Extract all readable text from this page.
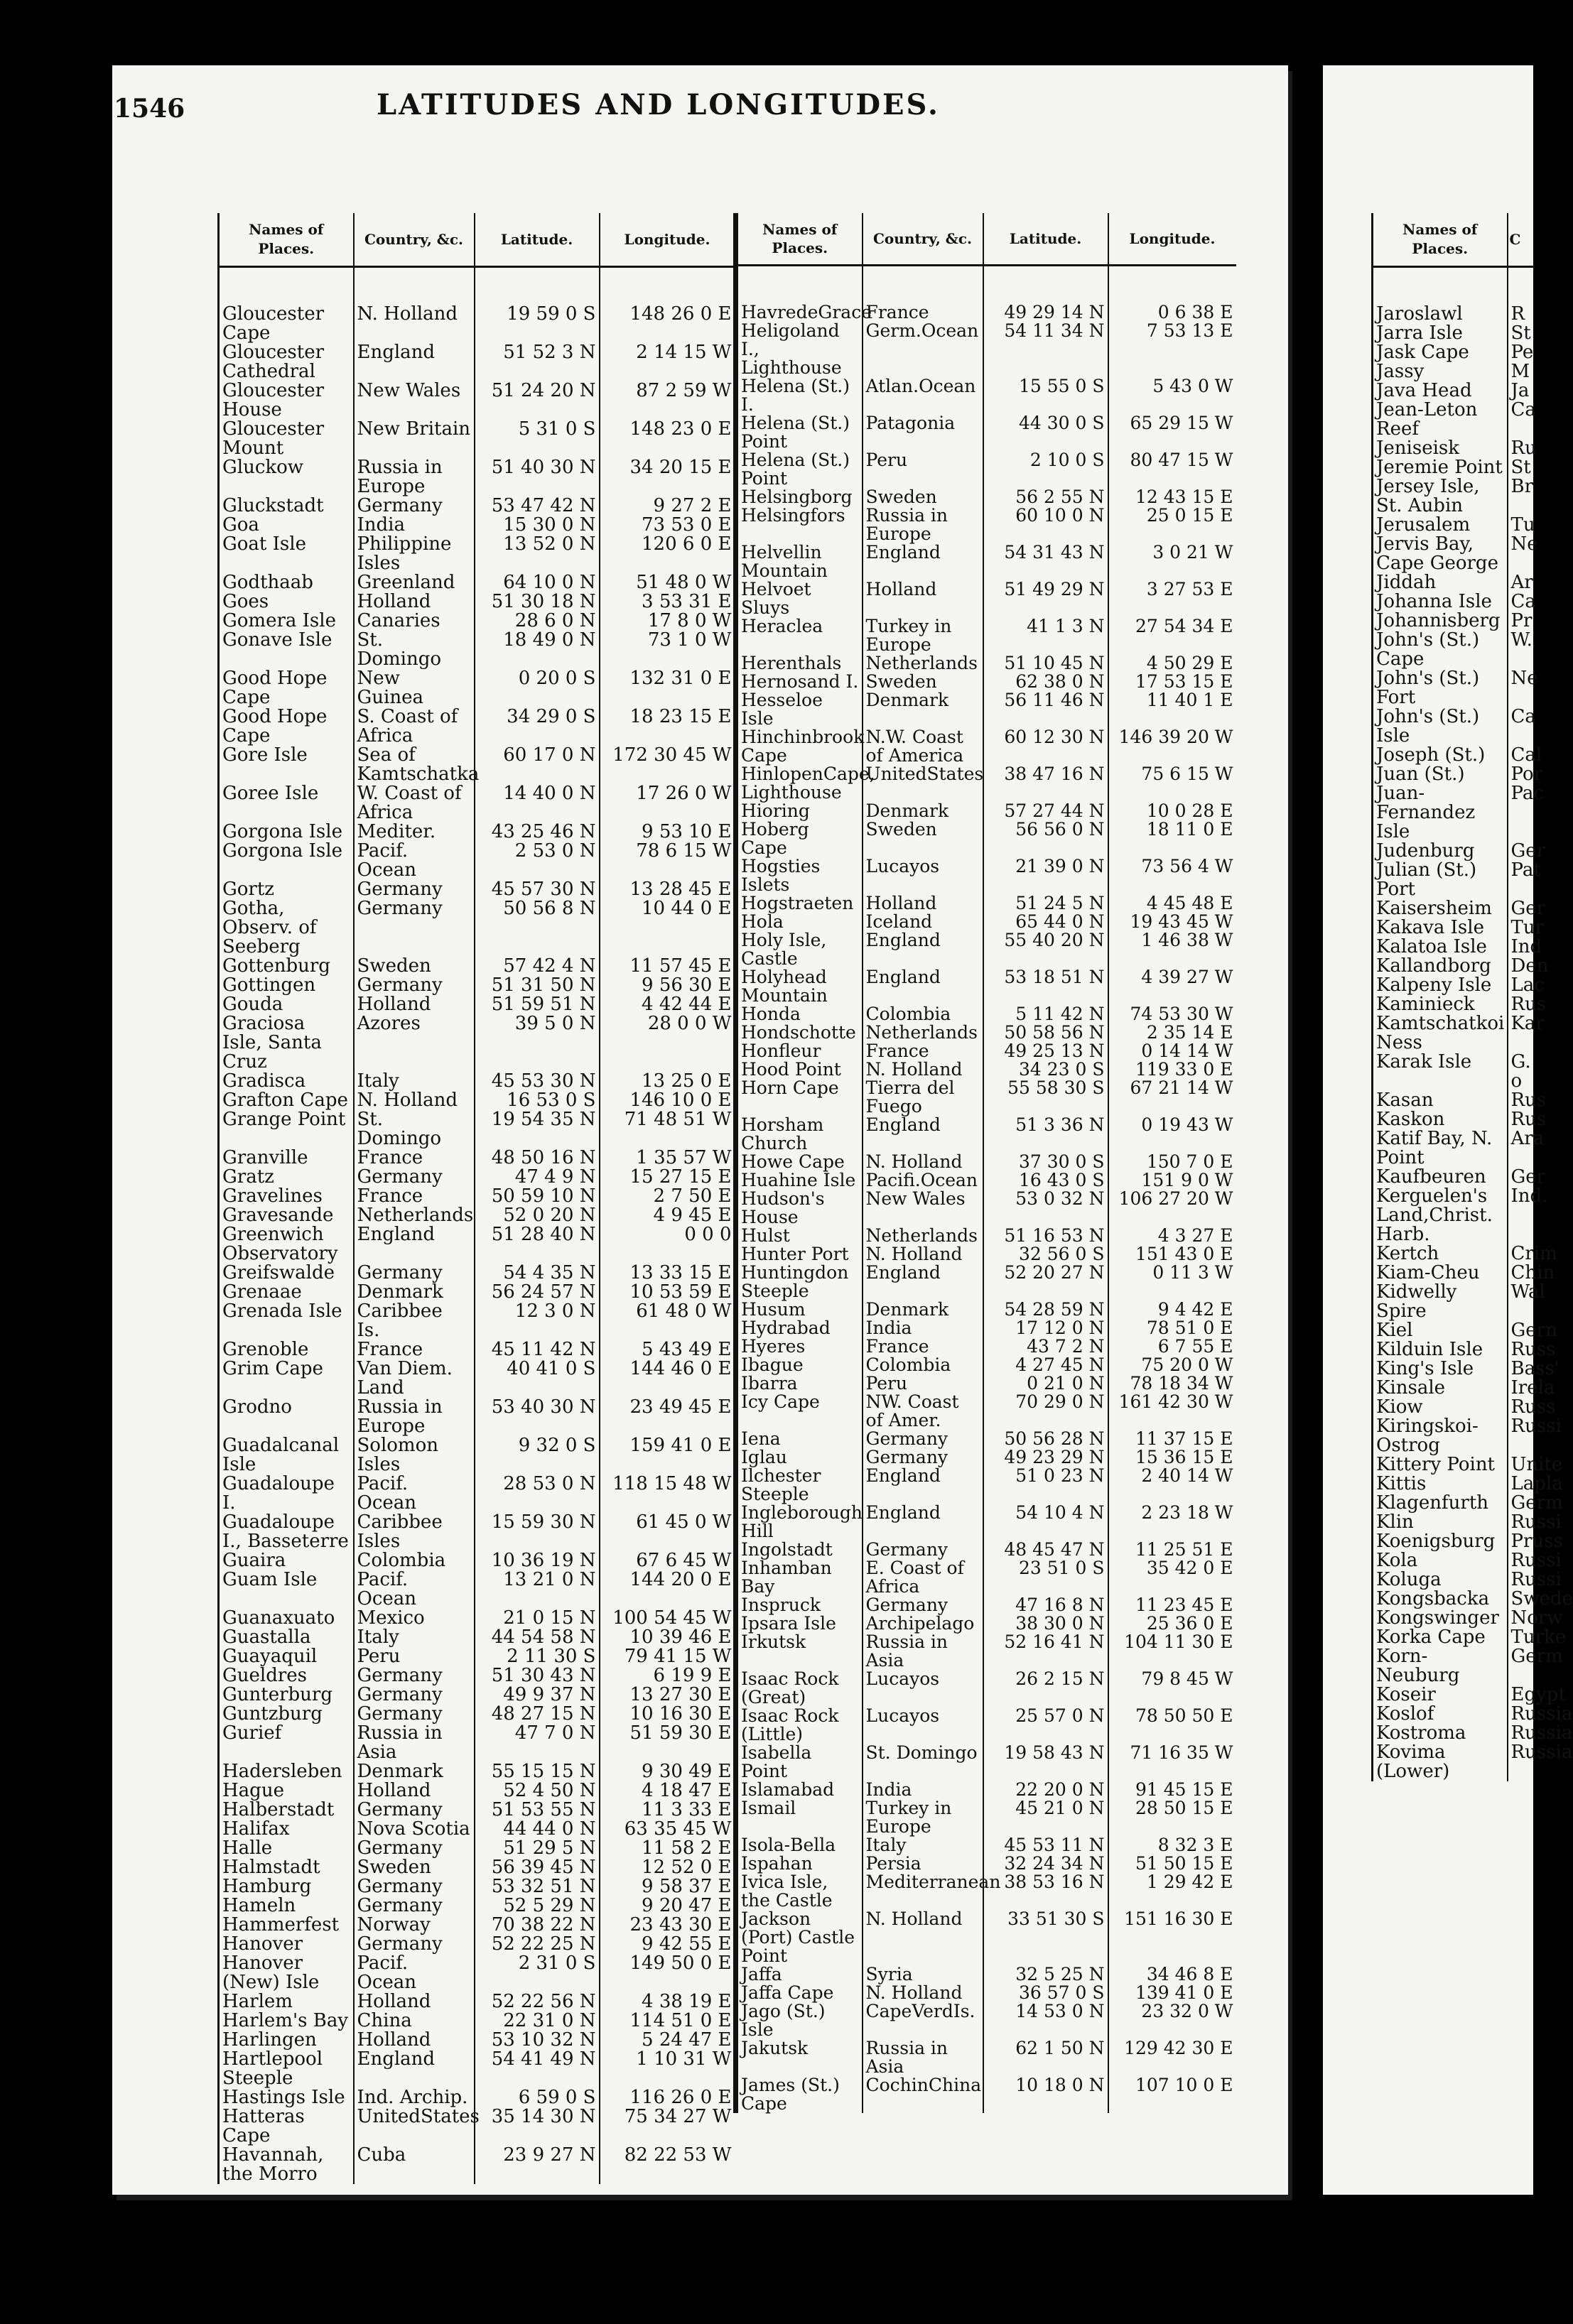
1546	LATITUDES AND LONGITUDES.
Names of Places.	Country, &c.	Latitude.	Longitude.
Gloucester Cape	N. Holland	19 59 0 S	148 26 0 E
Gloucester Cathedral	England	51 52 3 N	2 14 15 W
Gloucester House	New Wales	51 24 20 N	87 2 59 W
Gloucester Mount	New Britain	5 31 0 S	148 23 0 E
Gluckow	Russia in Europe	51 40 30 N	34 20 15 E
Gluckstadt	Germany	53 47 42 N	9 27 2 E
Goa	India	15 30 0 N	73 53 0 E
Goat Isle	Philippine Isles	13 52 0 N	120 6 0 E
Godthaab	Greenland	64 10 0 N	51 48 0 W
Goes	Holland	51 30 18 N	3 53 31 E
Gomera Isle	Canaries	28 6 0 N	17 8 0 W
Gonave Isle	St. Domingo	18 49 0 N	73 1 0 W
Good Hope Cape	New Guinea	0 20 0 S	132 31 0 E
Good Hope Cape	S. Coast of Africa	34 29 0 S	18 23 15 E
Gore Isle	Sea of Kamtschatka	60 17 0 N	172 30 45 W
Goree Isle	W. Coast of Africa	14 40 0 N	17 26 0 W
Gorgona Isle	Mediter.	43 25 46 N	9 53 10 E
Gorgona Isle	Pacif. Ocean	2 53 0 N	78 6 15 W
Gortz	Germany	45 57 30 N	13 28 45 E
Gotha, Observ. of Seeberg	Germany	50 56 8 N	10 44 0 E
Gottenburg	Sweden	57 42 4 N	11 57 45 E
Gottingen	Germany	51 31 50 N	9 56 30 E
Gouda	Holland	51 59 51 N	4 42 44 E
Graciosa Isle, Santa Cruz	Azores	39 5 0 N	28 0 0 W
Gradisca	Italy	45 53 30 N	13 25 0 E
Grafton Cape	N. Holland	16 53 0 S	146 10 0 E
Grange Point	St. Domingo	19 54 35 N	71 48 51 W
Granville	France	48 50 16 N	1 35 57 W
Gratz	Germany	47 4 9 N	15 27 15 E
Gravelines	France	50 59 10 N	2 7 50 E
Gravesande	Netherlands	52 0 20 N	4 9 45 E
Greenwich Observatory	England	51 28 40 N	0 0 0
Greifswalde	Germany	54 4 35 N	13 33 15 E
Grenaae	Denmark	56 24 57 N	10 53 59 E
Grenada Isle	Caribbee Is.	12 3 0 N	61 48 0 W
Grenoble	France	45 11 42 N	5 43 49 E
Grim Cape	Van Diem. Land	40 41 0 S	144 46 0 E
Grodno	Russia in Europe	53 40 30 N	23 49 45 E
Guadalcanal Isle	Solomon Isles	9 32 0 S	159 41 0 E
Guadaloupe I.	Pacif. Ocean	28 53 0 N	118 15 48 W
Guadaloupe I., Basseterre	Caribbee Isles	15 59 30 N	61 45 0 W
Guaira	Colombia	10 36 19 N	67 6 45 W
Guam Isle	Pacif. Ocean	13 21 0 N	144 20 0 E
Guanaxuato	Mexico	21 0 15 N	100 54 45 W
Guastalla	Italy	44 54 58 N	10 39 46 E
Guayaquil	Peru	2 11 30 S	79 41 15 W
Gueldres	Germany	51 30 43 N	6 19 9 E
Gunterburg	Germany	49 9 37 N	13 27 30 E
Guntzburg	Germany	48 27 15 N	10 16 30 E
Gurief	Russia in Asia	47 7 0 N	51 59 30 E
Hadersleben	Denmark	55 15 15 N	9 30 49 E
Hague	Holland	52 4 50 N	4 18 47 E
Halberstadt	Germany	51 53 55 N	11 3 33 E
Halifax	Nova Scotia	44 44 0 N	63 35 45 W
Halle	Germany	51 29 5 N	11 58 2 E
Halmstadt	Sweden	56 39 45 N	12 52 0 E
Hamburg	Germany	53 32 51 N	9 58 37 E
Hameln	Germany	52 5 29 N	9 20 47 E
Hammerfest	Norway	70 38 22 N	23 43 30 E
Hanover	Germany	52 22 25 N	9 42 55 E
Hanover (New) Isle	Pacif. Ocean	2 31 0 S	149 50 0 E
Harlem	Holland	52 22 56 N	4 38 19 E
Harlem's Bay	China	22 31 0 N	114 51 0 E
Harlingen	Holland	53 10 32 N	5 24 47 E
Hartlepool Steeple	England	54 41 49 N	1 10 31 W
Hastings Isle	Ind. Archip.	6 59 0 S	116 26 0 E
Hatteras Cape	UnitedStates	35 14 30 N	75 34 27 W
Havannah, the Morro	Cuba	23 9 27 N	82 22 53 W
Names of Places.	Country, &c.	Latitude.	Longitude.
HavredeGrace	France	49 29 14 N	0 6 38 E
Heligoland I., Lighthouse	Germ.Ocean	54 11 34 N	7 53 13 E
Helena (St.) I.	Atlan.Ocean	15 55 0 S	5 43 0 W
Helena (St.) Point	Patagonia	44 30 0 S	65 29 15 W
Helena (St.) Point	Peru	2 10 0 S	80 47 15 W
Helsingborg	Sweden	56 2 55 N	12 43 15 E
Helsingfors	Russia in Europe	60 10 0 N	25 0 15 E
Helvellin Mountain	England	54 31 43 N	3 0 21 W
Helvoet Sluys	Holland	51 49 29 N	3 27 53 E
Heraclea	Turkey in Europe	41 1 3 N	27 54 34 E
Herenthals	Netherlands	51 10 45 N	4 50 29 E
Hernosand I.	Sweden	62 38 0 N	17 53 15 E
Hesseloe Isle	Denmark	56 11 46 N	11 40 1 E
Hinchinbrook Cape	N.W. Coast of America	60 12 30 N	146 39 20 W
HinlopenCape, Lighthouse	UnitedStates	38 47 16 N	75 6 15 W
Hioring	Denmark	57 27 44 N	10 0 28 E
Hoberg Cape	Sweden	56 56 0 N	18 11 0 E
Hogsties Islets	Lucayos	21 39 0 N	73 56 4 W
Hogstraeten	Holland	51 24 5 N	4 45 48 E
Hola	Iceland	65 44 0 N	19 43 45 W
Holy Isle, Castle	England	55 40 20 N	1 46 38 W
Holyhead Mountain	England	53 18 51 N	4 39 27 W
Honda	Colombia	5 11 42 N	74 53 30 W
Hondschotte	Netherlands	50 58 56 N	2 35 14 E
Honfleur	France	49 25 13 N	0 14 14 W
Hood Point	N. Holland	34 23 0 S	119 33 0 E
Horn Cape	Tierra del Fuego	55 58 30 S	67 21 14 W
Horsham Church	England	51 3 36 N	0 19 43 W
Howe Cape	N. Holland	37 30 0 S	150 7 0 E
Huahine Isle	Pacifi.Ocean	16 43 0 S	151 9 0 W
Hudson's House	New Wales	53 0 32 N	106 27 20 W
Hulst	Netherlands	51 16 53 N	4 3 27 E
Hunter Port	N. Holland	32 56 0 S	151 43 0 E
Huntingdon Steeple	England	52 20 27 N	0 11 3 W
Husum	Denmark	54 28 59 N	9 4 42 E
Hydrabad	India	17 12 0 N	78 51 0 E
Hyeres	France	43 7 2 N	6 7 55 E
Ibague	Colombia	4 27 45 N	75 20 0 W
Ibarra	Peru	0 21 0 N	78 18 34 W
Icy Cape	NW. Coast of Amer.	70 29 0 N	161 42 30 W
Iena	Germany	50 56 28 N	11 37 15 E
Iglau	Germany	49 23 29 N	15 36 15 E
Ilchester Steeple	England	51 0 23 N	2 40 14 W
Ingleborough Hill	England	54 10 4 N	2 23 18 W
Ingolstadt	Germany	48 45 47 N	11 25 51 E
Inhamban Bay	E. Coast of Africa	23 51 0 S	35 42 0 E
Inspruck	Germany	47 16 8 N	11 23 45 E
Ipsara Isle	Archipelago	38 30 0 N	25 36 0 E
Irkutsk	Russia in Asia	52 16 41 N	104 11 30 E
Isaac Rock (Great)	Lucayos	26 2 15 N	79 8 45 W
Isaac Rock (Little)	Lucayos	25 57 0 N	78 50 50 E
Isabella Point	St. Domingo	19 58 43 N	71 16 35 W
Islamabad	India	22 20 0 N	91 45 15 E
Ismail	Turkey in Europe	45 21 0 N	28 50 15 E
Isola-Bella	Italy	45 53 11 N	8 32 3 E
Ispahan	Persia	32 24 34 N	51 50 15 E
Ivica Isle, the Castle	Mediterranean	38 53 16 N	1 29 42 E
Jackson (Port) Castle Point	N. Holland	33 51 30 S	151 16 30 E
Jaffa	Syria	32 5 25 N	34 46 8 E
Jaffa Cape	N. Holland	36 57 0 S	139 41 0 E
Jago (St.) Isle	CapeVerdIs.	14 53 0 N	23 32 0 W
Jakutsk	Russia in Asia	62 1 50 N	129 42 30 E
James (St.) Cape	CochinChina	10 18 0 N	107 10 0 E
Names of Places.	C
Jaroslawl	R
Jarra Isle	St
Jask Cape	Pe
Jassy	M
Java Head	Ja
Jean-Leton Reef	Ca
Jeniseisk	Ru
Jeremie Point	St
Jersey Isle, St. Aubin	Br
Jerusalem	Tu
Jervis Bay, Cape George	Ne
Jiddah	Ar
Johanna Isle	Ca
Johannisberg	Pr
John's (St.) Cape	W.
John's (St.) Fort	Ne
John's (St.) Isle	Ca
Joseph (St.)	Cal
Juan (St.)	Por
Juan-Fernandez Isle	Pac
Judenburg	Ger
Julian (St.) Port	Pat
Kaisersheim	Ger
Kakava Isle	Tur
Kalatoa Isle	Ind
Kallandborg	Den
Kalpeny Isle	Lac
Kaminieck	Rus
Kamtschatkoi Ness	Kar
Karak Isle	G. o
Kasan	Rus
Kaskon	Rus
Katif Bay, N. Point	Ara
Kaufbeuren	Ger
Kerguelen's Land,Christ. Harb.	Ind.
Kertch	Crim
Kiam-Cheu	Chin
Kidwelly Spire	Wal
Kiel	Gern
Kilduin Isle	Russ
King's Isle	Bass'
Kinsale	Irela
Kiow	Russ
Kiringskoi-Ostrog	Russi
Kittery Point	Unite
Kittis	Lapla
Klagenfurth	Germ
Klin	Russi
Koenigsburg	Pruss
Kola	Russi
Koluga	Russi
Kongsbacka	Swede
Kongswinger	Norw
Korka Cape	Turke
Korn-Neuburg	Germ
Koseir	Egypt
Koslof	Russia
Kostroma	Russia
Kovima (Lower)	Russia
